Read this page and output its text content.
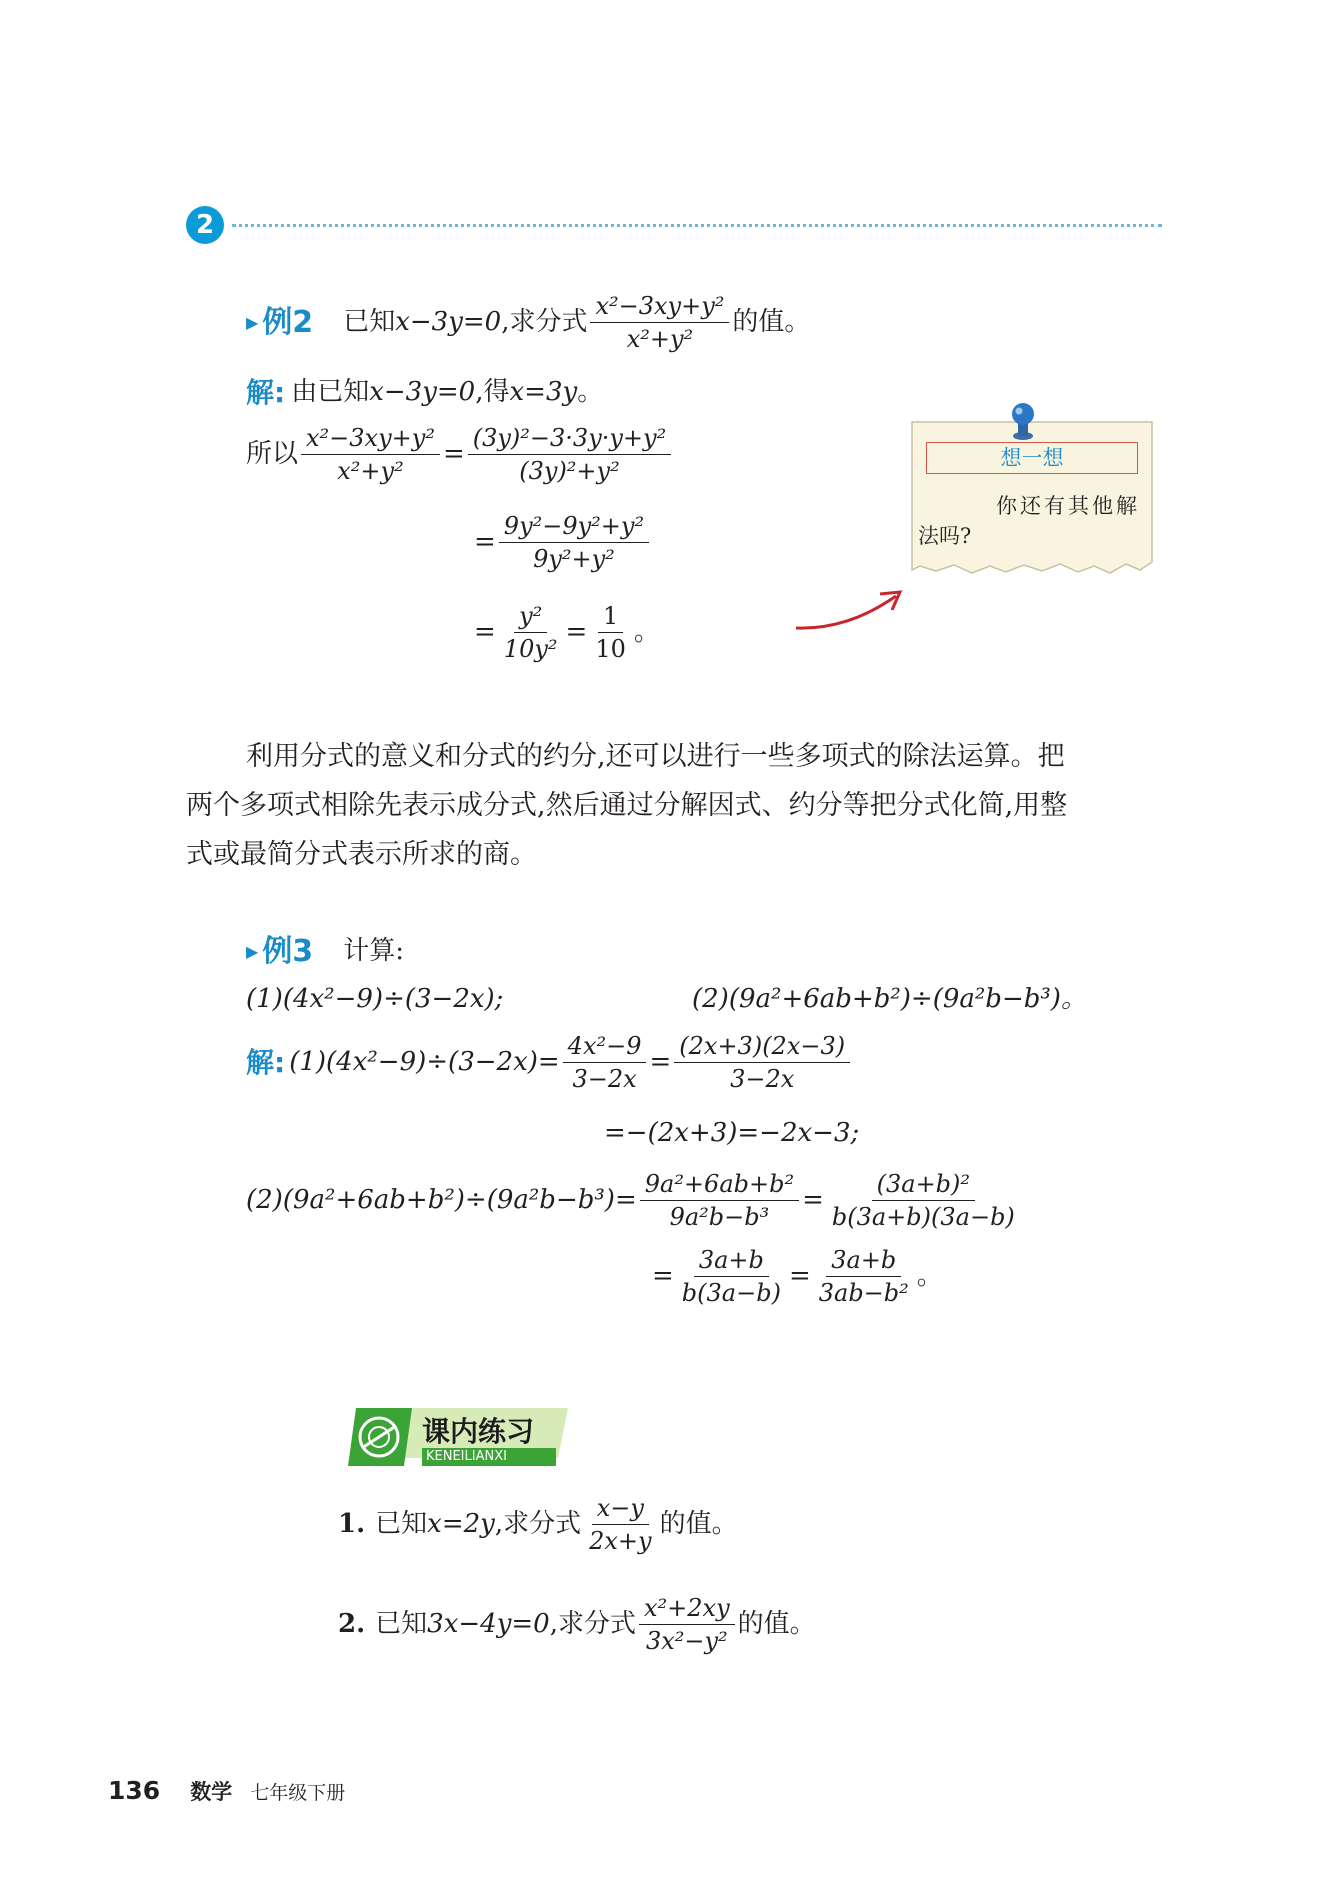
2
▶ 例2 已知 x−3y=0 ,求分式 $\frac{\text{x²−3xy+y²}}{\text{x²+y²}}$ 的值。
解: 由已知 x−3y=0 ,得 x=3y 。
所以 $\frac{\text{x²−3xy+y²}}{\text{x²+y²}} = \frac{\text{(3y)²−3·3y·y+y²}}{\text{(3y)²+y²}}$
= $\frac{\text{9y²−9y²+y²}}{\text{9y²+y²}}$
= $\frac{\text{y²}}{\text{10y²}} = \frac{1}{10}$ 。
想一想
你还有其他解
法吗?
利用分式的意义和分式的约分,还可以进行一些多项式的除法运算。把
两个多项式相除先表示成分式,然后通过分解因式、约分等把分式化简,用整
式或最简分式表示所求的商。
▶ 例3 计算:
(1)(4x²−9)÷(3−2x);	(2)(9a²+6ab+b²)÷(9a²b−b³)。
解: $(1)(4x^2-9)\div(3-2x)= \frac{\text{4x²−9}}{3-2x} = \frac{(2x+3)(2x-3)}{3-2x}$
=−(2x+3)=−2x−3;
$(2)(9a^2+6ab+b^2)\div(9a^2b-b^3)= \frac{\text{9a²+6ab+b²}}{\text{9a²b−b³}} = \frac{\text{(3a+b)²}}{b(3a+b)(3a-b)}$
= $\frac{3a+b}{b(3a-b)} = \frac{3a+b}{\text{3ab−b²}}$ 。
课内练习
KENEILIANXI
1. 已知 x=2y ,求分式 $\frac{x-y}{2x+y}$ 的值。
2. 已知 3x−4y=0 ,求分式 $\frac{\text{x²+2xy}}{\text{3x²−y²}}$ 的值。
136 数学 七年级下册
